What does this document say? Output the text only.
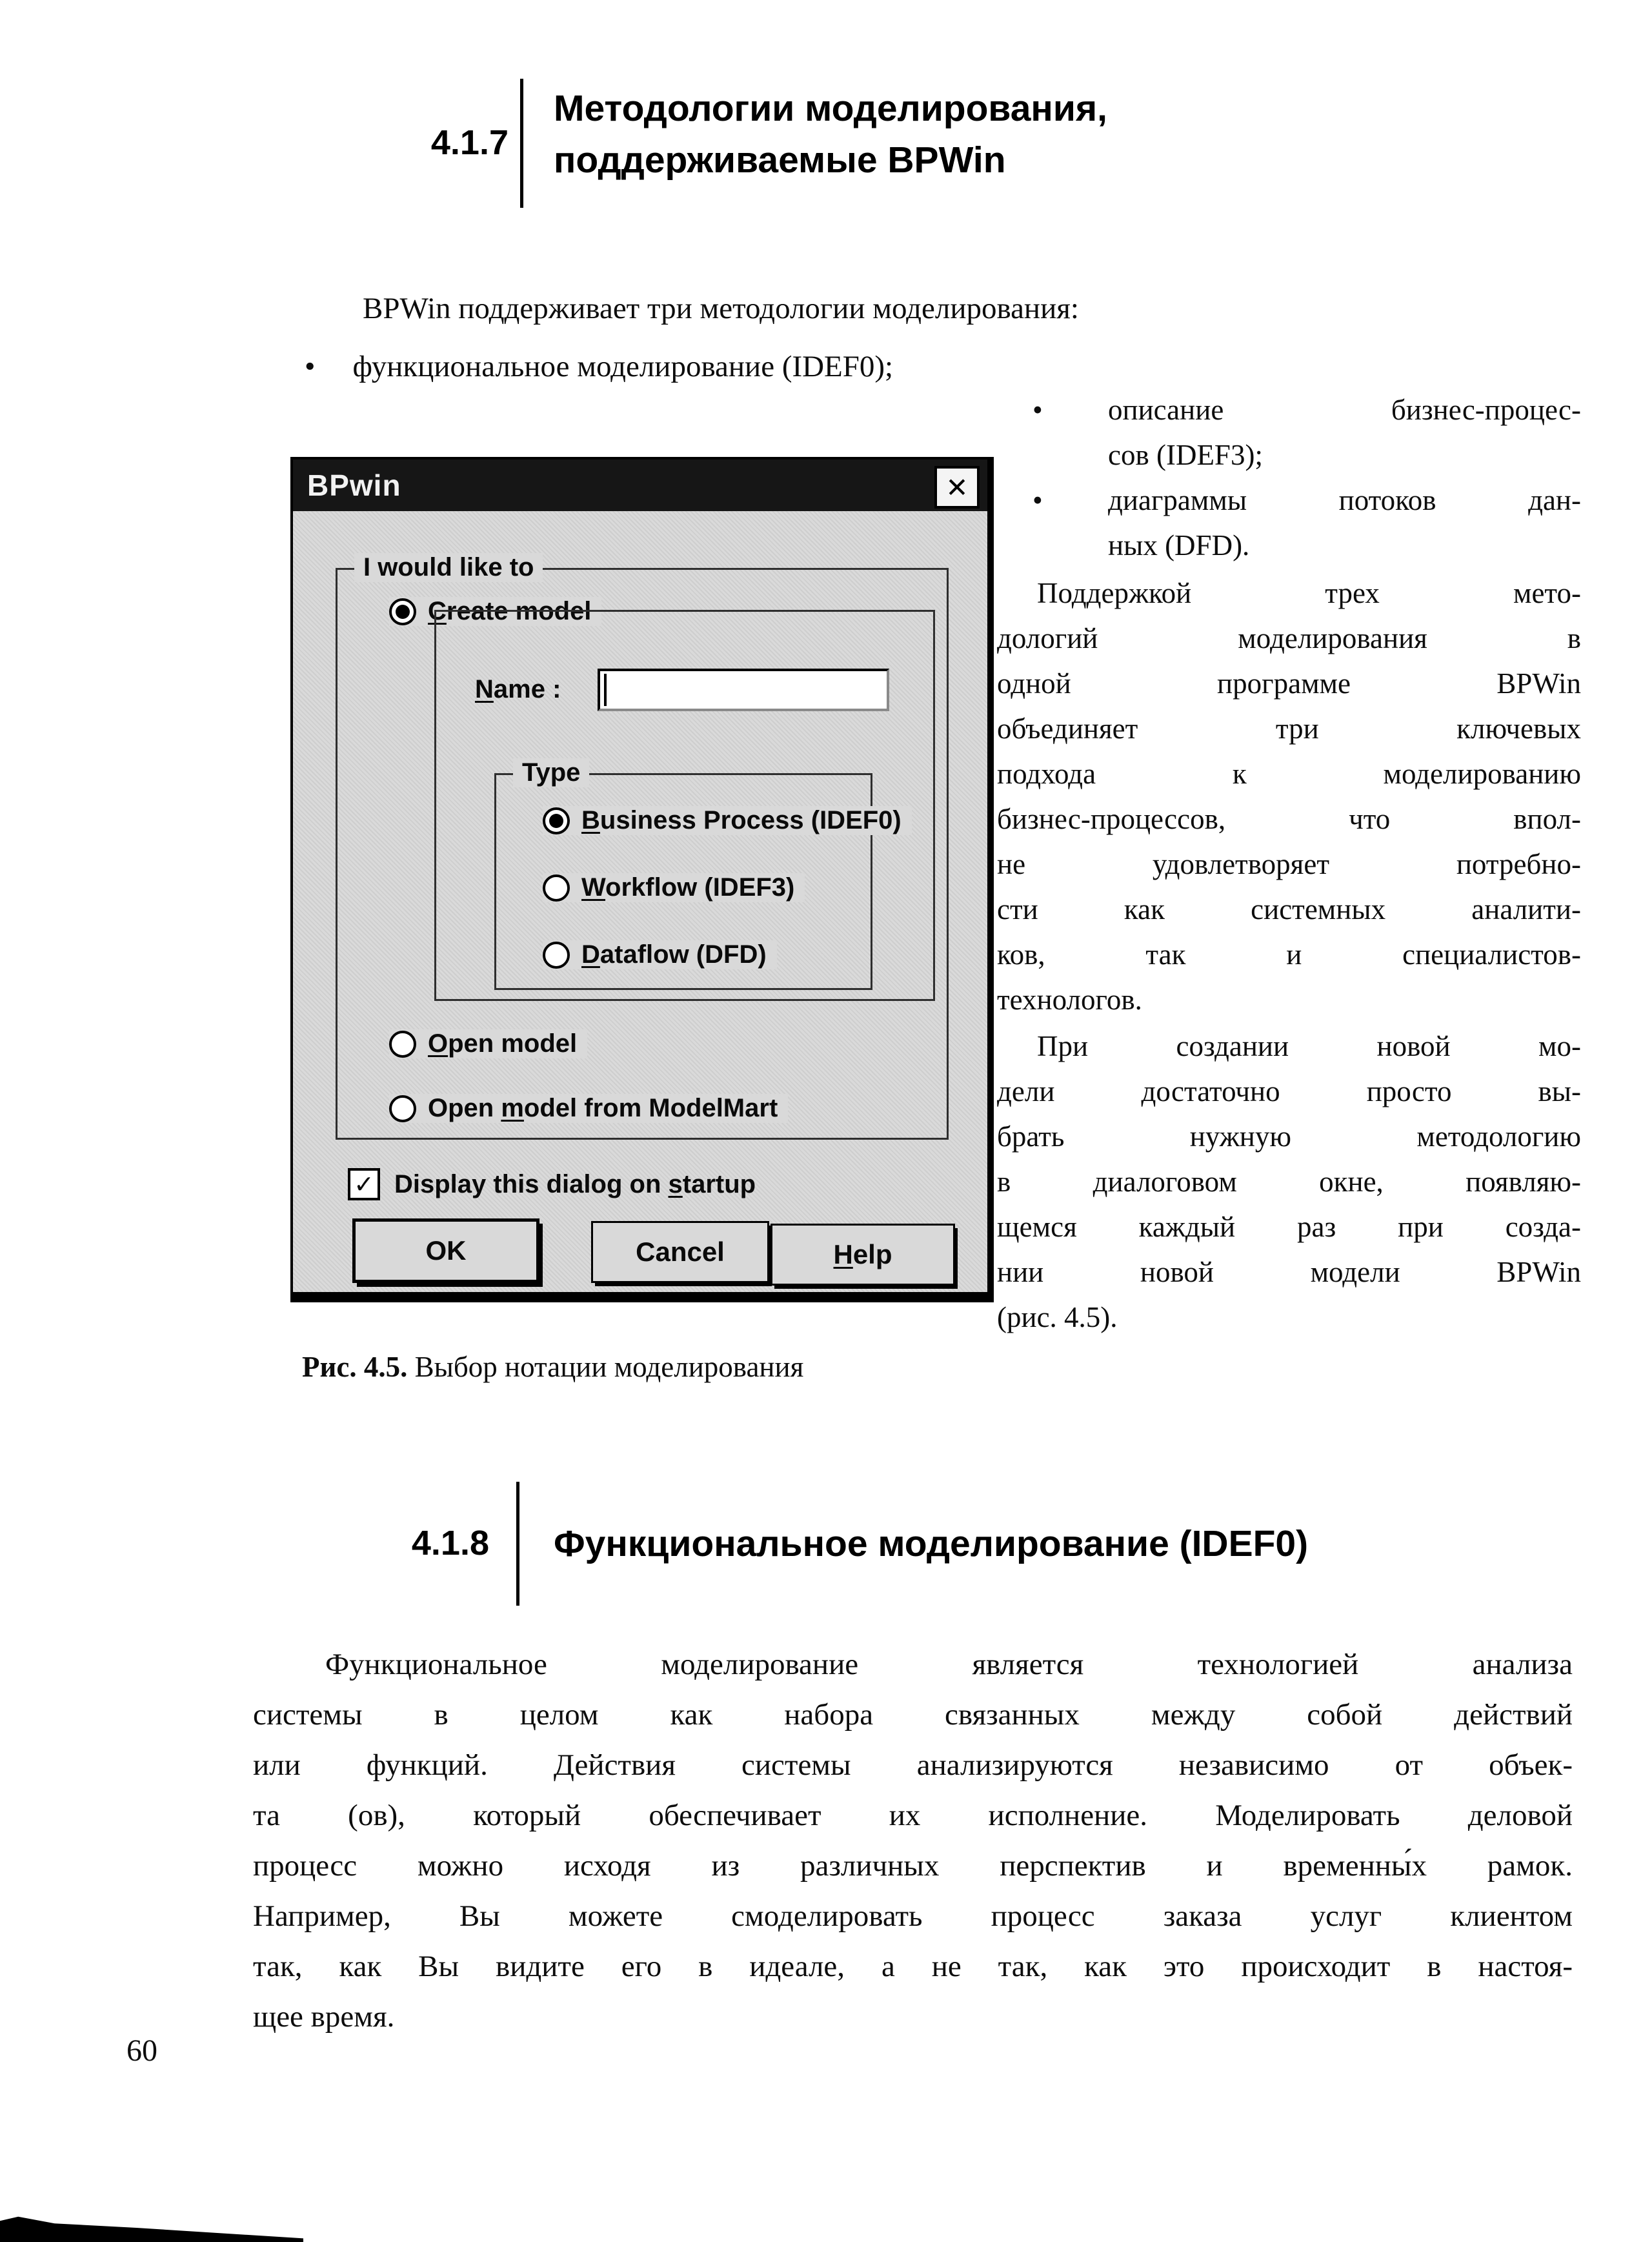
4.1.7
Методологии моделирования,
поддерживаемые BPWin
BPWin поддерживает три методологии моделирования:
• функциональное моделирование (IDEF0);
• описание бизнес-процес-
сов (IDEF3);
• диаграммы потоков дан-
ных (DFD).
Поддержкой трех мето-
дологий моделирования в
одной программе BPWin
объединяет три ключевых
подхода к моделированию
бизнес-процессов, что впол-
не удовлетворяет потребно-
сти как системных аналити-
ков, так и специалистов-
технологов.
При создании новой мо-
дели достаточно просто вы-
брать нужную методологию
в диалоговом окне, появляю-
щемся каждый раз при созда-
нии новой модели BPWin
(рис. 4.5).
BPwin	✕
I would like to
Create model
Name :
Type
Business Process (IDEF0)
Workflow (IDEF3)
Dataflow (DFD)
Open model
Open model from ModelMart
✓ Display this dialog on startup
OK	Cancel	Help
Рис. 4.5. Выбор нотации моделирования
4.1.8 Функциональное моделирование (IDEF0)
Функциональное моделирование является технологией анализа
системы в целом как набора связанных между собой действий
или функций. Действия системы анализируются независимо от объек-
та (ов), который обеспечивает их исполнение. Моделировать деловой
процесс можно исходя из различных перспектив и временны́х рамок.
Например, Вы можете смоделировать процесс заказа услуг клиентом
так, как Вы видите его в идеале, а не так, как это происходит в настоя-
щее время.
60
